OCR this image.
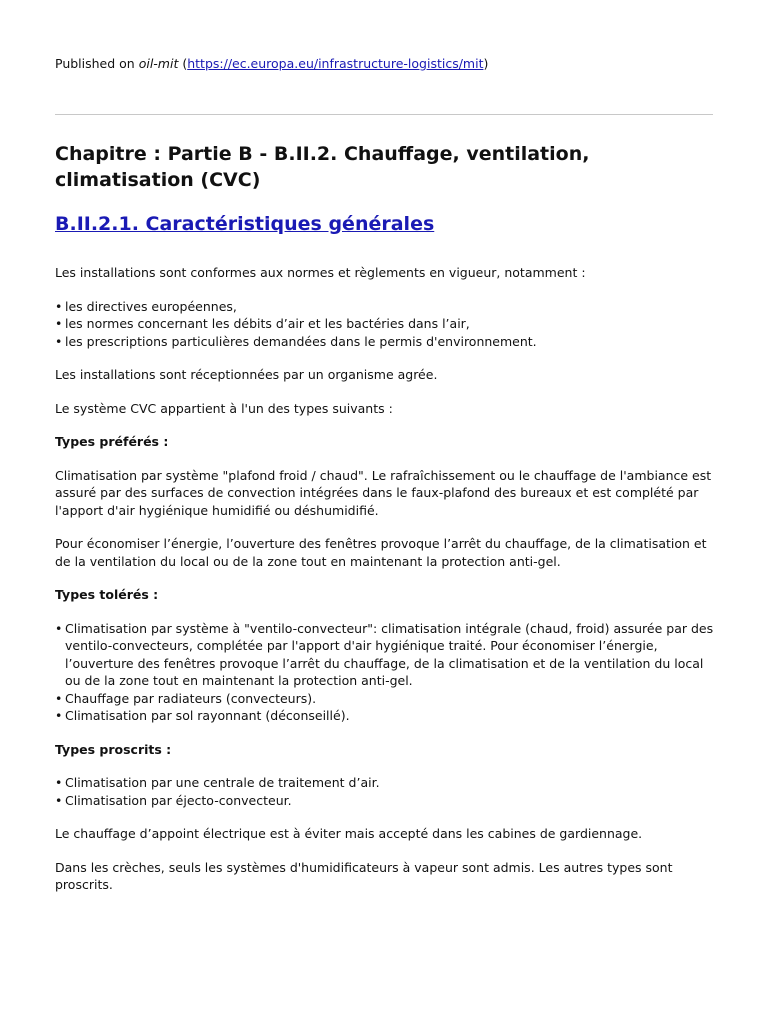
Published on oil-mit (https://ec.europa.eu/infrastructure-logistics/mit)

Chapitre : Partie B - B.II.2. Chauffage, ventilation, climatisation (CVC)
B.II.2.1. Caractéristiques générales

Les installations sont conformes aux normes et règlements en vigueur, notamment :

• les directives européennes,
• les normes concernant les débits d’air et les bactéries dans l’air,
• les prescriptions particulières demandées dans le permis d'environnement.

Les installations sont réceptionnées par un organisme agrée.

Le système CVC appartient à l'un des types suivants :

Types préférés :

Climatisation par système "plafond froid / chaud". Le rafraîchissement ou le chauffage de l'ambiance est assuré par des surfaces de convection intégrées dans le faux-plafond des bureaux et est complété par l'apport d'air hygiénique humidifié ou déshumidifié.

Pour économiser l’énergie, l’ouverture des fenêtres provoque l’arrêt du chauffage, de la climatisation et de la ventilation du local ou de la zone tout en maintenant la protection anti-gel.

Types tolérés :

• Climatisation par système à "ventilo-convecteur": climatisation intégrale (chaud, froid) assurée par des ventilo-convecteurs, complétée par l'apport d'air hygiénique traité. Pour économiser l’énergie, l’ouverture des fenêtres provoque l’arrêt du chauffage, de la climatisation et de la ventilation du local ou de la zone tout en maintenant la protection anti-gel.
• Chauffage par radiateurs (convecteurs).
• Climatisation par sol rayonnant (déconseillé).

Types proscrits :

• Climatisation par une centrale de traitement d’air.
• Climatisation par éjecto-convecteur.

Le chauffage d’appoint électrique est à éviter mais accepté dans les cabines de gardiennage.

Dans les crèches, seuls les systèmes d'humidificateurs à vapeur sont admis. Les autres types sont proscrits.
